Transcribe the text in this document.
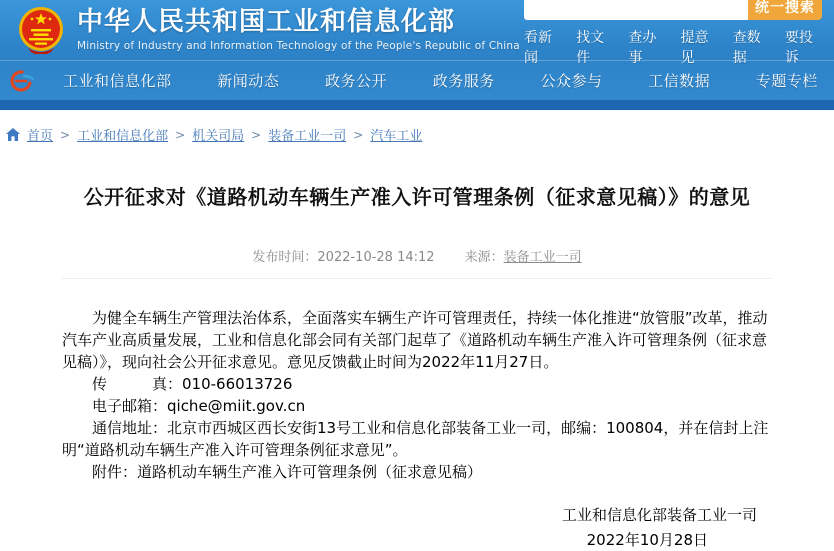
中华人民共和国工业和信息化部
Ministry of Industry and Information Technology of the People's Republic of China
统一搜索
看新闻
找文件
查办事
提意见
查数据
要投诉
工业和信息化部	新闻动态	政务公开	政务服务	公众参与	工信数据	专题专栏
首页 > 工业和信息化部 > 机关司局 > 装备工业一司 > 汽车工业
公开征求对《道路机动车辆生产准入许可管理条例（征求意见稿）》的意见
发布时间：2022-10-28 14:12 来源：装备工业一司

为健全车辆生产管理法治体系，全面落实车辆生产许可管理责任，持续一体化推进“放管服”改革，推动汽车产业高质量发展，工业和信息化部会同有关部门起草了《道路机动车辆生产准入许可管理条例（征求意见稿）》，现向社会公开征求意见。意见反馈截止时间为2022年11月27日。

传　　　真：010-66013726

电子邮箱：qiche@miit.gov.cn

通信地址：北京市西城区西长安街13号工业和信息化部装备工业一司，邮编：100804，并在信封上注明“道路机动车辆生产准入许可管理条例征求意见”。

附件：道路机动车辆生产准入许可管理条例（征求意见稿）

工业和信息化部装备工业一司
2022年10月28日
